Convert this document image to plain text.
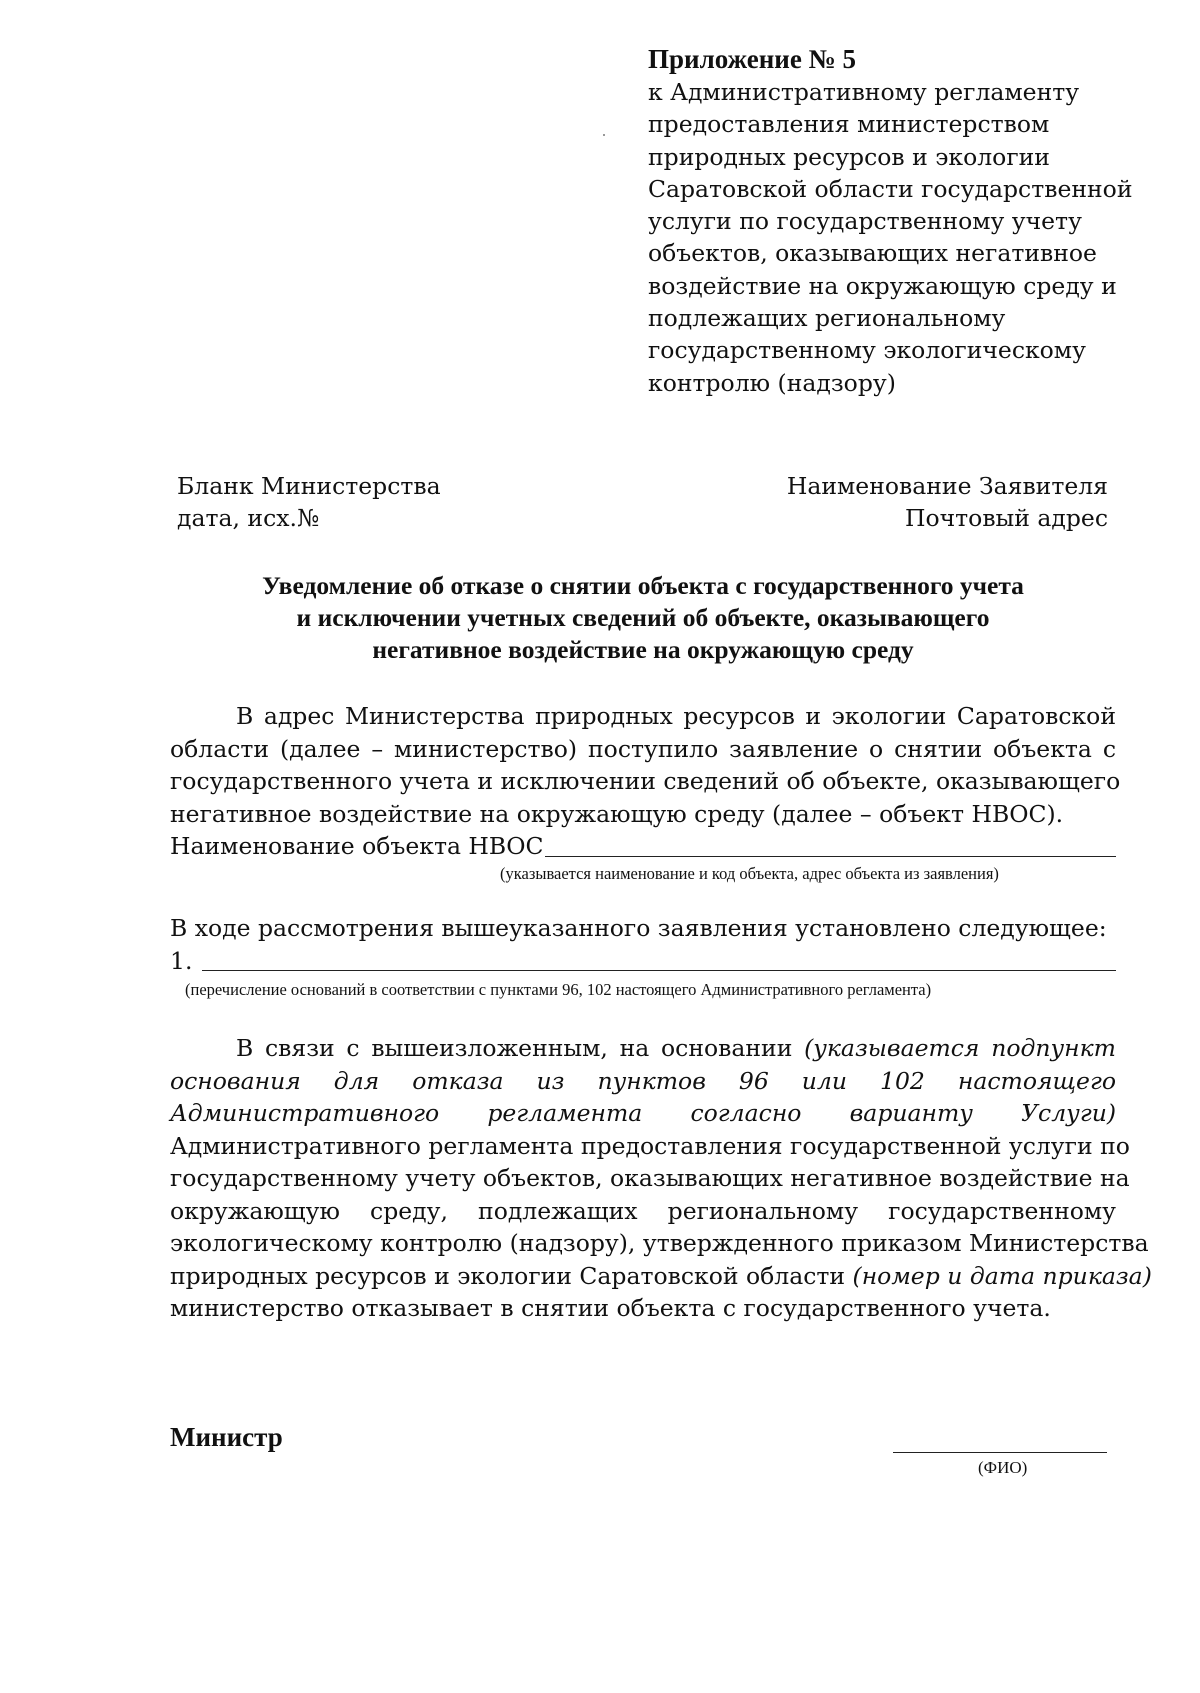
Приложение № 5
к Административному регламенту
предоставления министерством
природных ресурсов и экологии
Саратовской области государственной
услуги по государственному учету
объектов, оказывающих негативное
воздействие на окружающую среду и
подлежащих региональному
государственному экологическому
контролю (надзору)
Бланк Министерства
дата, исх.№
Наименование Заявителя
Почтовый адрес
Уведомление об отказе о снятии объекта с государственного учета
и исключении учетных сведений об объекте, оказывающего
негативное воздействие на окружающую среду
В адрес Министерства природных ресурсов и экологии Саратовской
области (далее – министерство) поступило заявление о снятии объекта с
государственного учета и исключении сведений об объекте, оказывающего
негативное воздействие на окружающую среду (далее – объект НВОС).
Наименование объекта НВОС
(указывается наименование и код объекта, адрес объекта из заявления)
В ходе рассмотрения вышеуказанного заявления установлено следующее:
1.
(перечисление оснований в соответствии с пунктами 96, 102 настоящего Административного регламента)
В связи с вышеизложенным, на основании (указывается подпункт
основания для отказа из пунктов 96 или 102 настоящего
Административного регламента согласно варианту Услуги)
Административного регламента предоставления государственной услуги по
государственному учету объектов, оказывающих негативное воздействие на
окружающую среду, подлежащих региональному государственному
экологическому контролю (надзору), утвержденного приказом Министерства
природных ресурсов и экологии Саратовской области (номер и дата приказа)
министерство отказывает в снятии объекта с государственного учета.
Министр
(ФИО)
